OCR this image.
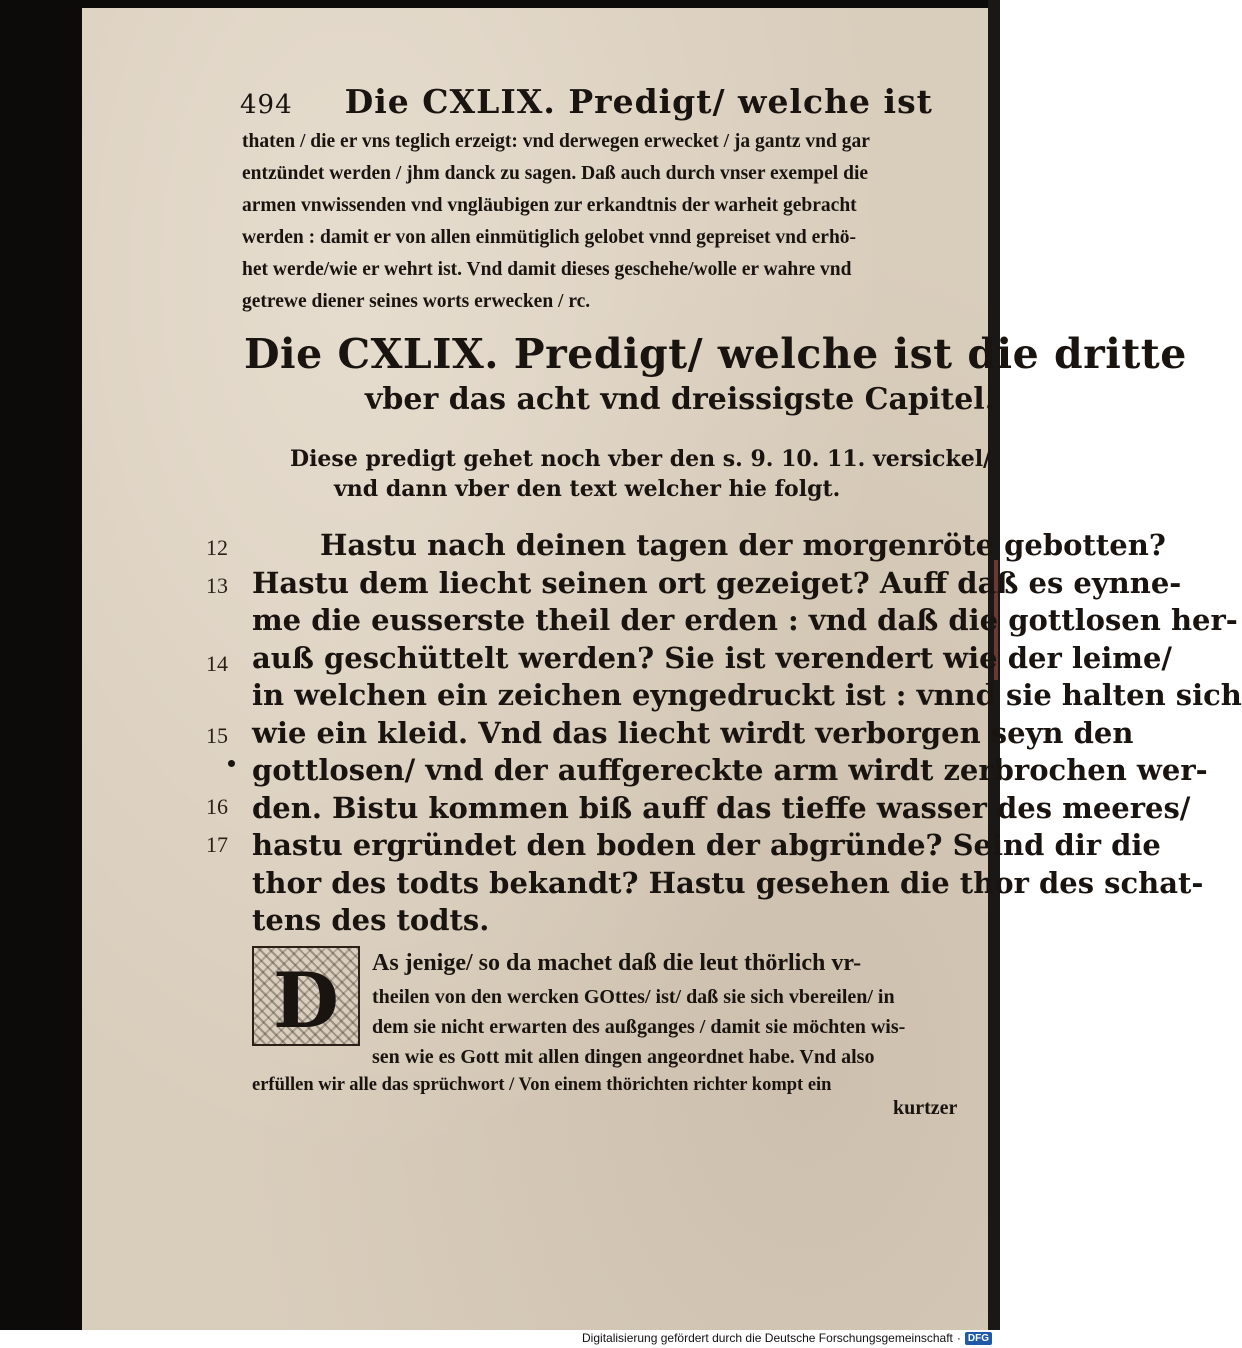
494 Die CXLIX. Predigt/ welche ist
thaten / die er vns teglich erzeigt: vnd derwegen erwecket / ja gantz vnd gar
entzündet werden / jhm danck zu sagen. Daß auch durch vnser exempel die
armen vnwissenden vnd vngläubigen zur erkandtnis der warheit gebracht
werden : damit er von allen einmütiglich gelobet vnnd gepreiset vnd erhö-
het werde/wie er wehrt ist. Vnd damit dieses geschehe/wolle er wahre vnd
getrewe diener seines worts erwecken / rc.
Die CXLIX. Predigt/ welche ist die dritte
vber das acht vnd dreissigste Capitel.
Diese predigt gehet noch vber den s. 9. 10. 11. versickel/
vnd dann vber den text welcher hie folgt.
12
13
14
15
16
17
Hastu nach deinen tagen der morgenröte gebotten?
Hastu dem liecht seinen ort gezeiget? Auff daß es eynne-
me die eusserste theil der erden : vnd daß die gottlosen her-
auß geschüttelt werden? Sie ist verendert wie der leime/
in welchen ein zeichen eyngedruckt ist : vnnd sie halten sich
wie ein kleid. Vnd das liecht wirdt verborgen seyn den
gottlosen/ vnd der auffgereckte arm wirdt zerbrochen wer-
den. Bistu kommen biß auff das tieffe wasser des meeres/
hastu ergründet den boden der abgründe? Seind dir die
thor des todts bekandt? Hastu gesehen die thor des schat-
tens des todts.
D	As jenige/ so da machet daß die leut thörlich vr-
theilen von den wercken GOttes/ ist/ daß sie sich vbereilen/ in
dem sie nicht erwarten des außganges / damit sie möchten wis-
sen wie es Gott mit allen dingen angeordnet habe. Vnd also
erfüllen wir alle das sprüchwort / Von einem thörichten richter kompt ein
kurtzer
Digitalisierung gefördert durch die Deutsche Forschungsgemeinschaft · DFG
